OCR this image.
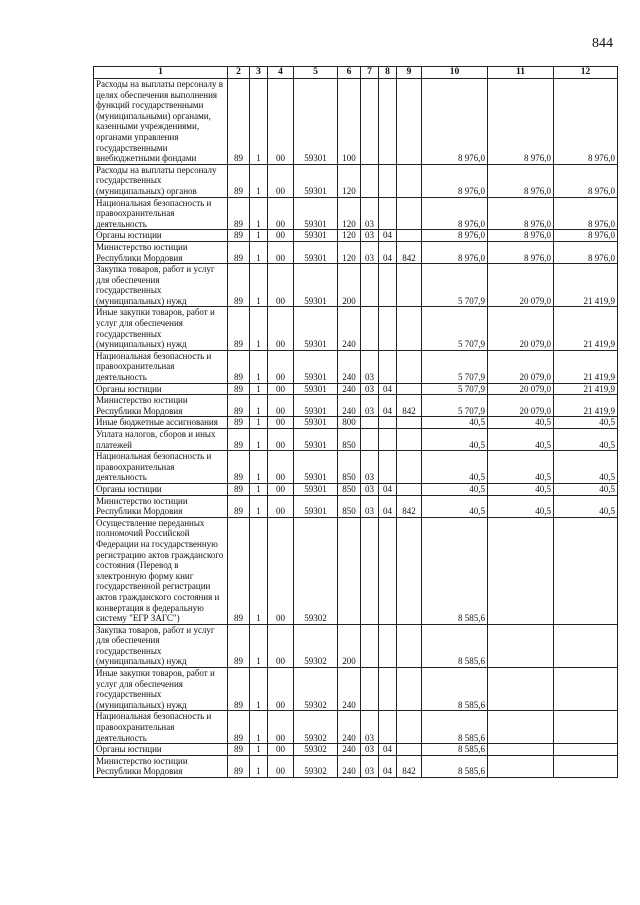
844
1	2	3	4	5	6	7	8	9	10	11	12
Расходы на выплаты персоналу в целях обеспечения выполнения функций государственными (муниципальными) органами, казенными учреждениями, органами управления государственными внебюджетными фондами	89	1	00	59301	100				8 976,0	8 976,0	8 976,0
Расходы на выплаты персоналу государственных (муниципальных) органов	89	1	00	59301	120				8 976,0	8 976,0	8 976,0
Национальная безопасность и правоохранительная деятельность	89	1	00	59301	120	03			8 976,0	8 976,0	8 976,0
Органы юстиции	89	1	00	59301	120	03	04		8 976,0	8 976,0	8 976,0
Министерство юстиции Республики Мордовия	89	1	00	59301	120	03	04	842	8 976,0	8 976,0	8 976,0
Закупка товаров, работ и услуг для обеспечения государственных (муниципальных) нужд	89	1	00	59301	200				5 707,9	20 079,0	21 419,9
Иные закупки товаров, работ и услуг для обеспечения государственных (муниципальных) нужд	89	1	00	59301	240				5 707,9	20 079,0	21 419,9
Национальная безопасность и правоохранительная деятельность	89	1	00	59301	240	03			5 707,9	20 079,0	21 419,9
Органы юстиции	89	1	00	59301	240	03	04		5 707,9	20 079,0	21 419,9
Министерство юстиции Республики Мордовия	89	1	00	59301	240	03	04	842	5 707,9	20 079,0	21 419,9
Иные бюджетные ассигнования	89	1	00	59301	800				40,5	40,5	40,5
Уплата налогов, сборов и иных платежей	89	1	00	59301	850				40,5	40,5	40,5
Национальная безопасность и правоохранительная деятельность	89	1	00	59301	850	03			40,5	40,5	40,5
Органы юстиции	89	1	00	59301	850	03	04		40,5	40,5	40,5
Министерство юстиции Республики Мордовия	89	1	00	59301	850	03	04	842	40,5	40,5	40,5
Осуществление переданных полномочий Российской Федерации на государственную регистрацию актов гражданского состояния (Перевод в электронную форму книг государственной регистрации актов гражданского состояния и конвертация в федеральную систему "ЕГР ЗАГС")	89	1	00	59302					8 585,6		
Закупка товаров, работ и услуг для обеспечения государственных (муниципальных) нужд	89	1	00	59302	200				8 585,6		
Иные закупки товаров, работ и услуг для обеспечения государственных (муниципальных) нужд	89	1	00	59302	240				8 585,6		
Национальная безопасность и правоохранительная деятельность	89	1	00	59302	240	03			8 585,6		
Органы юстиции	89	1	00	59302	240	03	04		8 585,6		
Министерство юстиции Республики Мордовия	89	1	00	59302	240	03	04	842	8 585,6		
